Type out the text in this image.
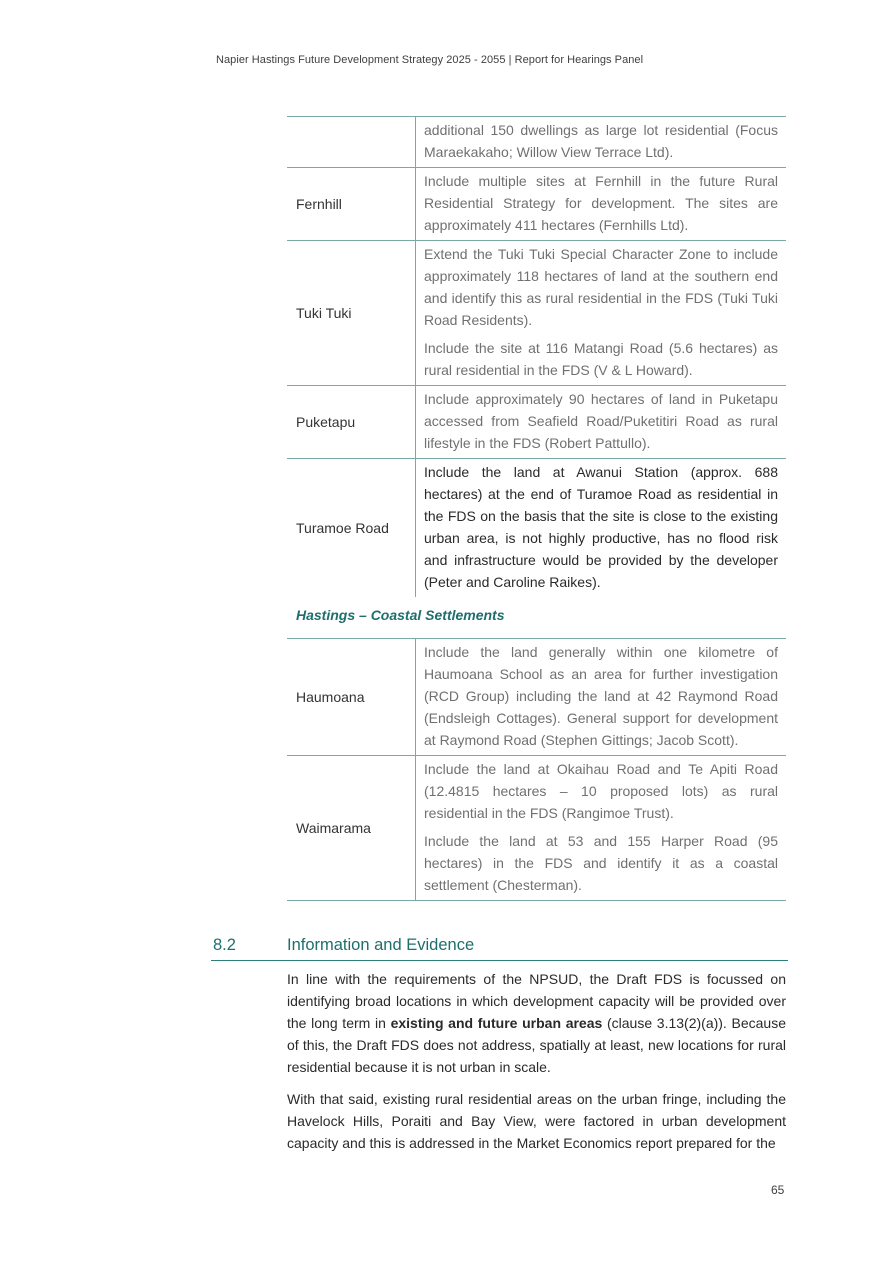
Napier Hastings Future Development Strategy 2025 - 2055 | Report for Hearings Panel

	additional 150 dwellings as large lot residential (Focus Maraekakaho; Willow View Terrace Ltd).

Fernhill	Include multiple sites at Fernhill in the future Rural Residential Strategy for development. The sites are approximately 411 hectares (Fernhills Ltd).

Tuki Tuki	Extend the Tuki Tuki Special Character Zone to include approximately 118 hectares of land at the southern end and identify this as rural residential in the FDS (Tuki Tuki Road Residents).

Include the site at 116 Matangi Road (5.6 hectares) as rural residential in the FDS (V & L Howard).

Puketapu	Include approximately 90 hectares of land in Puketapu accessed from Seafield Road/Puketitiri Road as rural lifestyle in the FDS (Robert Pattullo).

Turamoe Road	Include the land at Awanui Station (approx. 688 hectares) at the end of Turamoe Road as residential in the FDS on the basis that the site is close to the existing urban area, is not highly productive, has no flood risk and infrastructure would be provided by the developer (Peter and Caroline Raikes).

Hastings – Coastal Settlements	
Haumoana	Include the land generally within one kilometre of Haumoana School as an area for further investigation (RCD Group) including the land at 42 Raymond Road (Endsleigh Cottages). General support for development at Raymond Road (Stephen Gittings; Jacob Scott).

Waimarama	Include the land at Okaihau Road and Te Apiti Road (12.4815 hectares – 10 proposed lots) as rural residential in the FDS (Rangimoe Trust).

Include the land at 53 and 155 Harper Road (95 hectares) in the FDS and identify it as a coastal settlement (Chesterman).

8.2	Information and Evidence

In line with the requirements of the NPSUD, the Draft FDS is focussed on identifying broad locations in which development capacity will be provided over the long term in existing and future urban areas (clause 3.13(2)(a)). Because of this, the Draft FDS does not address, spatially at least, new locations for rural residential because it is not urban in scale.

With that said, existing rural residential areas on the urban fringe, including the Havelock Hills, Poraiti and Bay View, were factored in urban development capacity and this is addressed in the Market Economics report prepared for the

65
